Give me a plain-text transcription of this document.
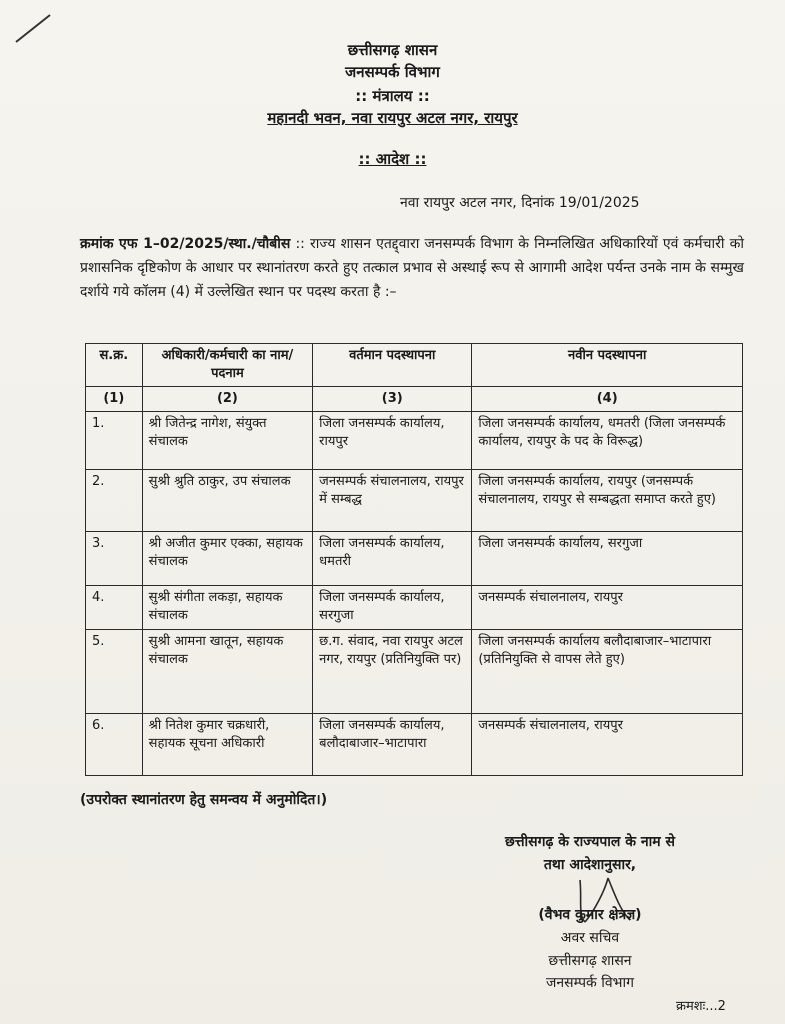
छत्तीसगढ़ शासन
जनसम्पर्क विभाग
:: मंत्रालय ::
महानदी भवन, नवा रायपुर अटल नगर, रायपुर
:: आदेश ::
नवा रायपुर अटल नगर, दिनांक 19/01/2025
क्रमांक एफ 1–02/2025/स्था./चौबीस :: राज्य शासन एतद्द्वारा जनसम्पर्क विभाग के निम्नलिखित अधिकारियों एवं कर्मचारी को प्रशासनिक दृष्टिकोण के आधार पर स्थानांतरण करते हुए तत्काल प्रभाव से अस्थाई रूप से आगामी आदेश पर्यन्त उनके नाम के सम्मुख दर्शाये गये कॉलम (4) में उल्लेखित स्थान पर पदस्थ करता है :–
स.क्र.	अधिकारी/कर्मचारी का नाम/पदनाम	वर्तमान पदस्थापना	नवीन पदस्थापना
(1)	(2)	(3)	(4)
1.	श्री जितेन्द्र नागेश, संयुक्त संचालक	जिला जनसम्पर्क कार्यालय, रायपुर	जिला जनसम्पर्क कार्यालय, धमतरी (जिला जनसम्पर्क कार्यालय, रायपुर के पद के विरूद्ध)
2.	सुश्री श्रुति ठाकुर, उप संचालक	जनसम्पर्क संचालनालय, रायपुर में सम्बद्ध	जिला जनसम्पर्क कार्यालय, रायपुर (जनसम्पर्क संचालनालय, रायपुर से सम्बद्धता समाप्त करते हुए)
3.	श्री अजीत कुमार एक्का, सहायक संचालक	जिला जनसम्पर्क कार्यालय, धमतरी	जिला जनसम्पर्क कार्यालय, सरगुजा
4.	सुश्री संगीता लकड़ा, सहायक संचालक	जिला जनसम्पर्क कार्यालय, सरगुजा	जनसम्पर्क संचालनालय, रायपुर
5.	सुश्री आमना खातून, सहायक संचालक	छ.ग. संवाद, नवा रायपुर अटल नगर, रायपुर (प्रतिनियुक्ति पर)	जिला जनसम्पर्क कार्यालय बलौदाबाजार–भाटापारा (प्रतिनियुक्ति से वापस लेते हुए)
6.	श्री नितेश कुमार चक्रधारी, सहायक सूचना अधिकारी	जिला जनसम्पर्क कार्यालय, बलौदाबाजार–भाटापारा	जनसम्पर्क संचालनालय, रायपुर
(उपरोक्त स्थानांतरण हेतु समन्वय में अनुमोदित।)
छत्तीसगढ़ के राज्यपाल के नाम से
तथा आदेशानुसार,
(वैभव कुमार क्षेत्रज्ञ)
अवर सचिव
छत्तीसगढ़ शासन
जनसम्पर्क विभाग
क्रमशः...2
